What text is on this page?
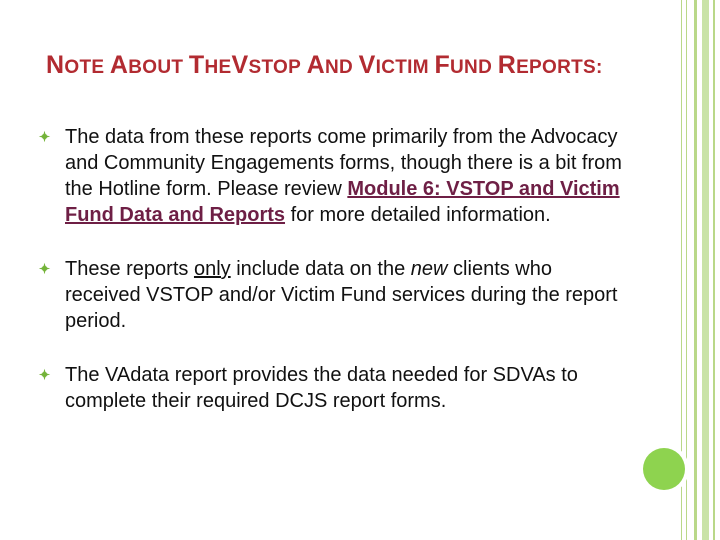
NOTE ABOUT THEVSTOP AND VICTIM FUND REPORTS:
The data from these reports come primarily from the Advocacy and Community Engagements forms, though there is a bit from the Hotline form. Please review Module 6: VSTOP and Victim Fund Data and Reports for more detailed information.
These reports only include data on the new clients who received VSTOP and/or Victim Fund services during the report period.
The VAdata report provides the data needed for SDVAs to complete their required DCJS report forms.
